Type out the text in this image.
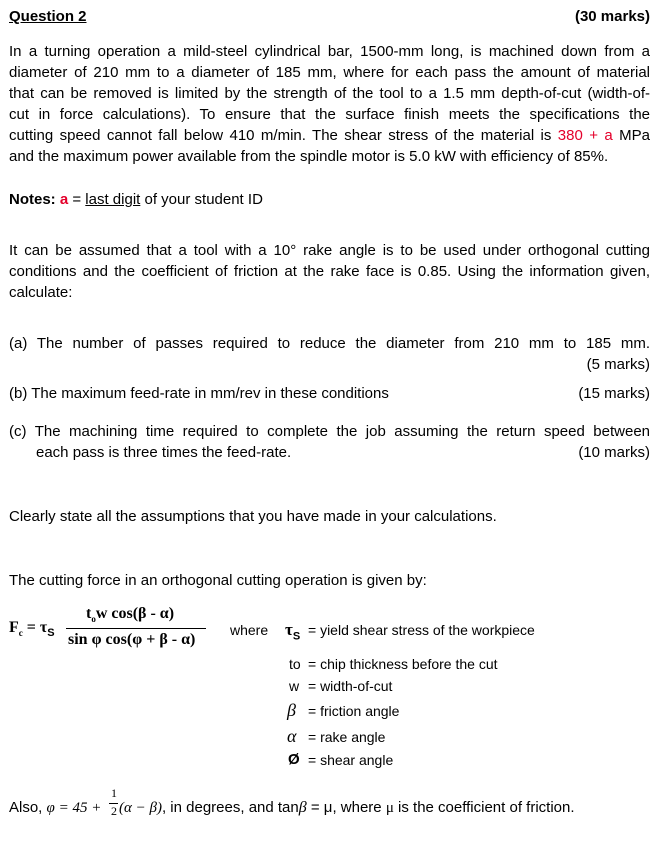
Question 2	(30 marks)
In a turning operation a mild-steel cylindrical bar, 1500-mm long, is machined down from a
diameter of 210 mm to a diameter of 185 mm, where for each pass the amount of material
that can be removed is limited by the strength of the tool to a 1.5 mm depth-of-cut (width-of-
cut in force calculations). To ensure that the surface finish meets the specifications the
cutting speed cannot fall below 410 m/min. The shear stress of the material is 380 + a MPa
and the maximum power available from the spindle motor is 5.0 kW with efficiency of 85%.
Notes: a = last digit of your student ID
It can be assumed that a tool with a 10° rake angle is to be used under orthogonal cutting
conditions and the coefficient of friction at the rake face is 0.85. Using the information given,
calculate:
(a) The number of passes required to reduce the diameter from 210 mm to 185 mm.
(5 marks)
(b) The maximum feed-rate in mm/rev in these conditions	(15 marks)
(c) The machining time required to complete the job assuming the return speed between
each pass is three times the feed-rate.	(10 marks)
Clearly state all the assumptions that you have made in your calculations.
The cutting force in an orthogonal cutting operation is given by:
$F_c = \tau_S$
$t_ow$ cos(β - α)
sin φ cos(φ + β - α)
where $\tau_S$ = yield shear stress of the workpiece
to = chip thickness before the cut
w = width-of-cut
β = friction angle
α = rake angle
Ø = shear angle
Also, φ = 45 +
1
2 (α − β), in degrees, and tanβ = μ, where μ is the coefficient of friction.
